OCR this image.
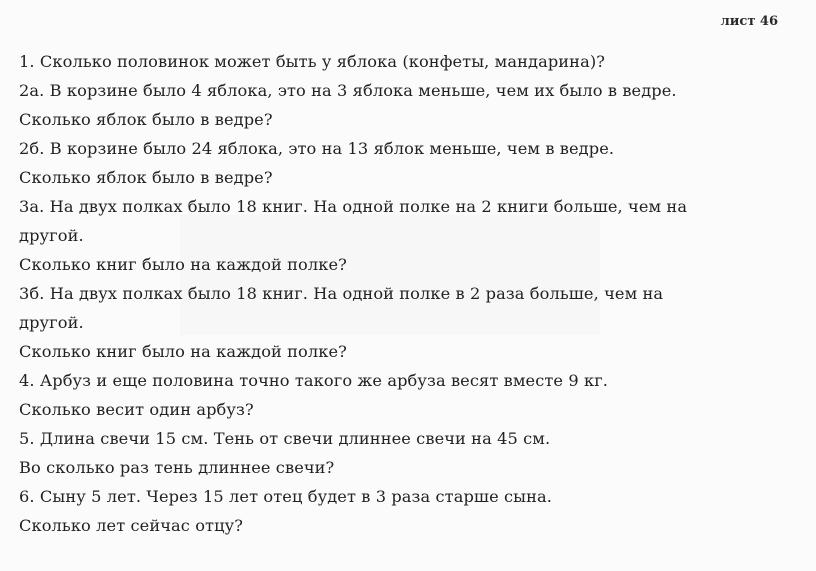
лист 46
1. Сколько половинок может быть у яблока (конфеты, мандарина)?
2а. В корзине было 4 яблока, это на 3 яблока меньше, чем их было в ведре.
Сколько яблок было в ведре?
2б. В корзине было 24 яблока, это на 13 яблок меньше, чем в ведре.
Сколько яблок было в ведре?
3а. На двух полках было 18 книг. На одной полке на 2 книги больше, чем на
другой.
Сколько книг было на каждой полке?
3б. На двух полках было 18 книг. На одной полке в 2 раза больше, чем на
другой.
Сколько книг было на каждой полке?
4. Арбуз и еще половина точно такого же арбуза весят вместе 9 кг.
Сколько весит один арбуз?
5. Длина свечи 15 см. Тень от свечи длиннее свечи на 45 см.
Во сколько раз тень длиннее свечи?
6. Сыну 5 лет. Через 15 лет отец будет в 3 раза старше сына.
Сколько лет сейчас отцу?
